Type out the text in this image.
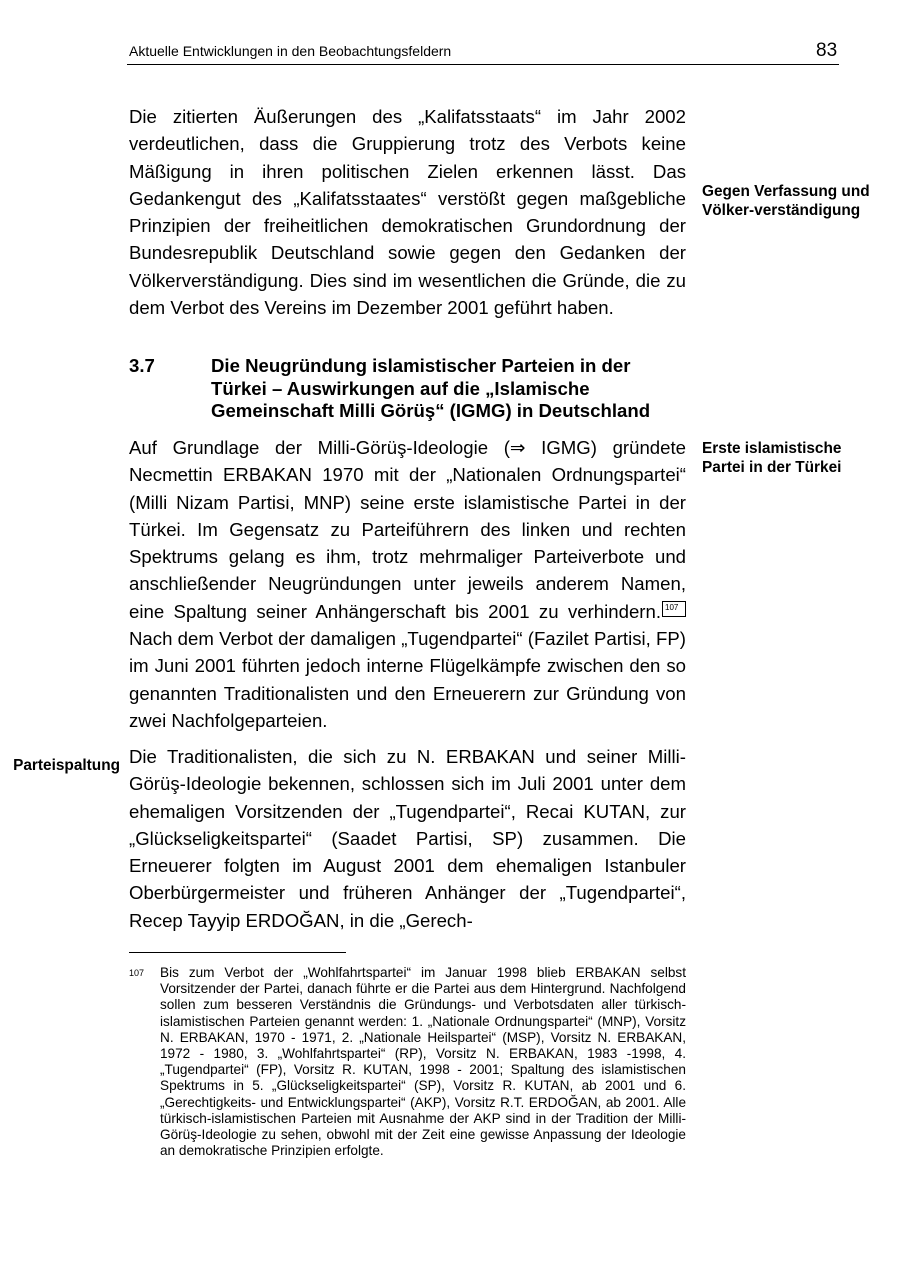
Aktuelle Entwicklungen in den Beobachtungsfeldern	83
Die zitierten Äußerungen des „Kalifatsstaats“ im Jahr 2002 verdeutlichen, dass die Gruppierung trotz des Verbots keine Mäßigung in ihren politischen Zielen erkennen lässt. Das Gedankengut des „Kalifatsstaates“ verstößt gegen maßgebliche Prinzipien der freiheitlichen demokratischen Grundordnung der Bundesrepublik Deutschland sowie gegen den Gedanken der Völkerverständigung. Dies sind im wesentlichen die Gründe, die zu dem Verbot des Vereins im Dezember 2001 geführt haben.
Gegen Verfassung und Völker-verständigung
3.7	Die Neugründung islamistischer Parteien in der Türkei – Auswirkungen auf die „Islamische Gemeinschaft Milli Görüş“ (IGMG) in Deutschland
Auf Grundlage der Milli-Görüş-Ideologie (⇒ IGMG) gründete Necmettin ERBAKAN 1970 mit der „Nationalen Ordnungspartei“ (Milli Nizam Partisi, MNP) seine erste islamistische Partei in der Türkei. Im Gegensatz zu Parteiführern des linken und rechten Spektrums gelang es ihm, trotz mehrmaliger Parteiverbote und anschließender Neugründungen unter jeweils anderem Namen, eine Spaltung seiner Anhängerschaft bis 2001 zu verhindern. 107
Nach dem Verbot der damaligen „Tugendpartei“ (Fazilet Partisi, FP) im Juni 2001 führten jedoch interne Flügelkämpfe zwischen den so genannten Traditionalisten und den Erneuerern zur Gründung von zwei Nachfolgeparteien.
Erste islamistische Partei in der Türkei
Parteispaltung Die Traditionalisten, die sich zu N. ERBAKAN und seiner Milli-Görüş-Ideologie bekennen, schlossen sich im Juli 2001 unter dem ehemaligen Vorsitzenden der „Tugendpartei“, Recai KUTAN, zur „Glückseligkeitspartei“ (Saadet Partisi, SP) zusammen. Die Erneuerer folgten im August 2001 dem ehemaligen Istanbuler Oberbürgermeister und früheren Anhänger der „Tugendpartei“, Recep Tayyip ERDOĞAN, in die „Gerech-
107 Bis zum Verbot der „Wohlfahrtspartei“ im Januar 1998 blieb ERBAKAN selbst Vorsitzender der Partei, danach führte er die Partei aus dem Hintergrund. Nachfolgend sollen zum besseren Verständnis die Gründungs- und Verbotsdaten aller türkisch-islamistischen Parteien genannt werden: 1. „Nationale Ordnungspartei“ (MNP), Vorsitz N. ERBAKAN, 1970 - 1971, 2. „Nationale Heilspartei“ (MSP), Vorsitz N. ERBAKAN, 1972 - 1980, 3. „Wohlfahrtspartei“ (RP), Vorsitz N. ERBAKAN, 1983 -1998, 4. „Tugendpartei“ (FP), Vorsitz R. KUTAN, 1998 - 2001; Spaltung des islamistischen Spektrums in 5. „Glückseligkeitspartei“ (SP), Vorsitz R. KUTAN, ab 2001 und 6. „Gerechtigkeits- und Entwicklungspartei“ (AKP), Vorsitz R.T. ERDOĞAN, ab 2001. Alle türkisch-islamistischen Parteien mit Ausnahme der AKP sind in der Tradition der Milli-Görüş-Ideologie zu sehen, obwohl mit der Zeit eine gewisse Anpassung der Ideologie an demokratische Prinzipien erfolgte.
